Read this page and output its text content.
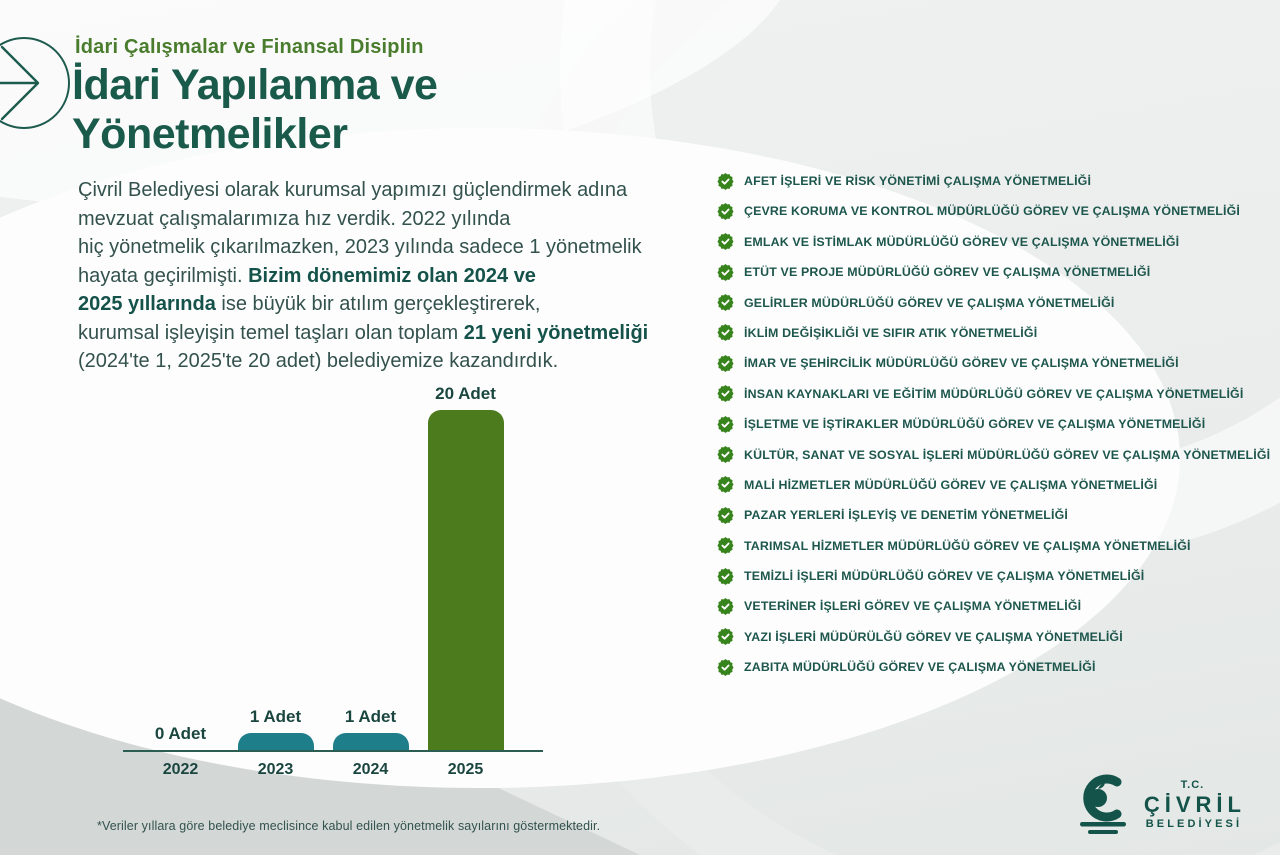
İdari Çalışmalar ve Finansal Disiplin
İdari Yapılanma ve
Yönetmelikler
Çivril Belediyesi olarak kurumsal yapımızı güçlendirmek adına
mevzuat çalışmalarımıza hız verdik. 2022 yılında
hiç yönetmelik çıkarılmazken, 2023 yılında sadece 1 yönetmelik
hayata geçirilmişti. Bizim dönemimiz olan 2024 ve
2025 yıllarında ise büyük bir atılım gerçekleştirerek,
kurumsal işleyişin temel taşları olan toplam 21 yeni yönetmeliği
(2024'te 1, 2025'te 20 adet) belediyemize kazandırdık.
0 Adet
1 Adet	1 Adet
20 Adet
2022	2023	2024	2025
AFET İŞLERİ VE RİSK YÖNETİMİ ÇALIŞMA YÖNETMELİĞİ
ÇEVRE KORUMA VE KONTROL MÜDÜRLÜĞÜ GÖREV VE ÇALIŞMA YÖNETMELİĞİ
EMLAK VE İSTİMLAK MÜDÜRLÜĞÜ GÖREV VE ÇALIŞMA YÖNETMELİĞİ
ETÜT VE PROJE MÜDÜRLÜĞÜ GÖREV VE ÇALIŞMA YÖNETMELİĞİ
GELİRLER MÜDÜRLÜĞÜ GÖREV VE ÇALIŞMA YÖNETMELİĞİ
İKLİM DEĞİŞİKLİĞİ VE SIFIR ATIK YÖNETMELİĞİ
İMAR VE ŞEHİRCİLİK MÜDÜRLÜĞÜ GÖREV VE ÇALIŞMA YÖNETMELİĞİ
İNSAN KAYNAKLARI VE EĞİTİM MÜDÜRLÜĞÜ GÖREV VE ÇALIŞMA YÖNETMELİĞİ
İŞLETME VE İŞTİRAKLER MÜDÜRLÜĞÜ GÖREV VE ÇALIŞMA YÖNETMELİĞİ
KÜLTÜR, SANAT VE SOSYAL İŞLERİ MÜDÜRLÜĞÜ GÖREV VE ÇALIŞMA YÖNETMELİĞİ
MALİ HİZMETLER MÜDÜRLÜĞÜ GÖREV VE ÇALIŞMA YÖNETMELİĞİ
PAZAR YERLERİ İŞLEYİŞ VE DENETİM YÖNETMELİĞİ
TARIMSAL HİZMETLER MÜDÜRLÜĞÜ GÖREV VE ÇALIŞMA YÖNETMELİĞİ
TEMİZLİ İŞLERİ MÜDÜRLÜĞÜ GÖREV VE ÇALIŞMA YÖNETMELİĞİ
VETERİNER İŞLERİ GÖREV VE ÇALIŞMA YÖNETMELİĞİ
YAZI İŞLERİ MÜDÜRÜLĞÜ GÖREV VE ÇALIŞMA YÖNETMELİĞİ
ZABITA MÜDÜRLÜĞÜ GÖREV VE ÇALIŞMA YÖNETMELİĞİ
*Veriler yıllara göre belediye meclisince kabul edilen yönetmelik sayılarını göstermektedir.
T.C.
ÇİVRİL
BELEDİYESİ
